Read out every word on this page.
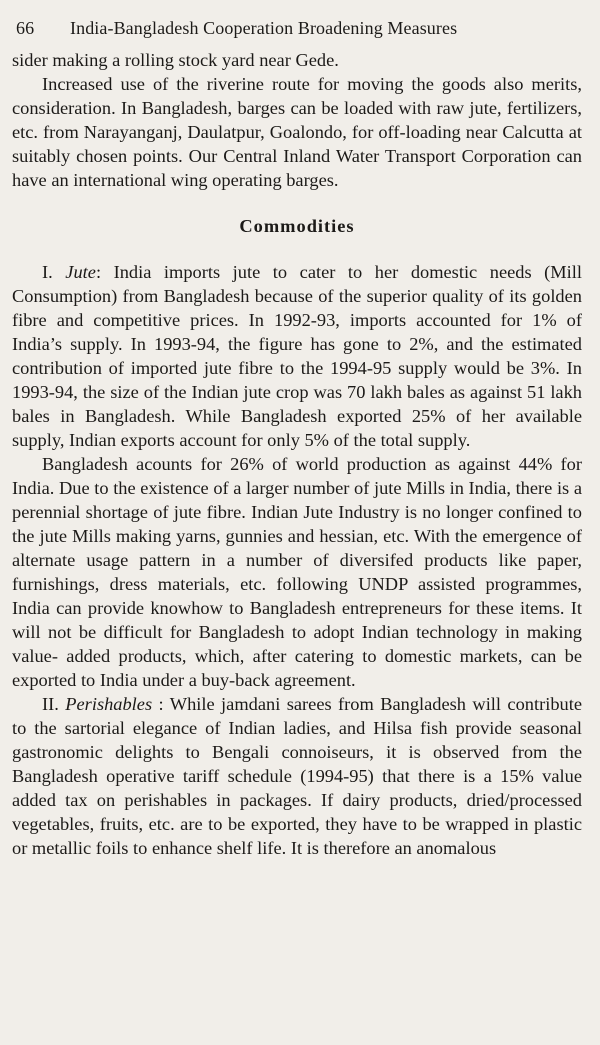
66	India-Bangladesh Cooperation Broadening Measures

sider making a rolling stock yard near Gede.

Increased use of the riverine route for moving the goods also merits, consideration. In Bangladesh, barges can be loaded with raw jute, fertilizers, etc. from Narayanganj, Daulatpur, Goalondo, for off-loading near Calcutta at suitably chosen points. Our Central Inland Water Transport Corporation can have an international wing operating barges.

Commodities

I. Jute: India imports jute to cater to her domestic needs (Mill Consumption) from Bangladesh because of the superior quality of its golden fibre and competitive prices. In 1992-93, imports accounted for 1% of India’s supply. In 1993-94, the figure has gone to 2%, and the estimated contribution of imported jute fibre to the 1994-95 supply would be 3%. In 1993-94, the size of the Indian jute crop was 70 lakh bales as against 51 lakh bales in Bangladesh. While Bangladesh exported 25% of her available supply, Indian exports account for only 5% of the total supply.

Bangladesh acounts for 26% of world production as against 44% for India. Due to the existence of a larger number of jute Mills in India, there is a perennial shortage of jute fibre. Indian Jute Industry is no longer confined to the jute Mills making yarns, gunnies and hessian, etc. With the emergence of alternate usage pattern in a number of diversifed products like paper, furnishings, dress materials, etc. following UNDP assisted programmes, India can provide knowhow to Bangladesh entrepreneurs for these items. It will not be difficult for Bangladesh to adopt Indian technology in making value- added products, which, after catering to domestic markets, can be exported to India under a buy-back agreement.

II. Perishables : While jamdani sarees from Bangladesh will contribute to the sartorial elegance of Indian ladies, and Hilsa fish provide seasonal gastronomic delights to Bengali connoiseurs, it is observed from the Bangladesh operative tariff schedule (1994-95) that there is a 15% value added tax on perishables in packages. If dairy products, dried/processed vegetables, fruits, etc. are to be exported, they have to be wrapped in plastic or metallic foils to enhance shelf life. It is therefore an anomalous
